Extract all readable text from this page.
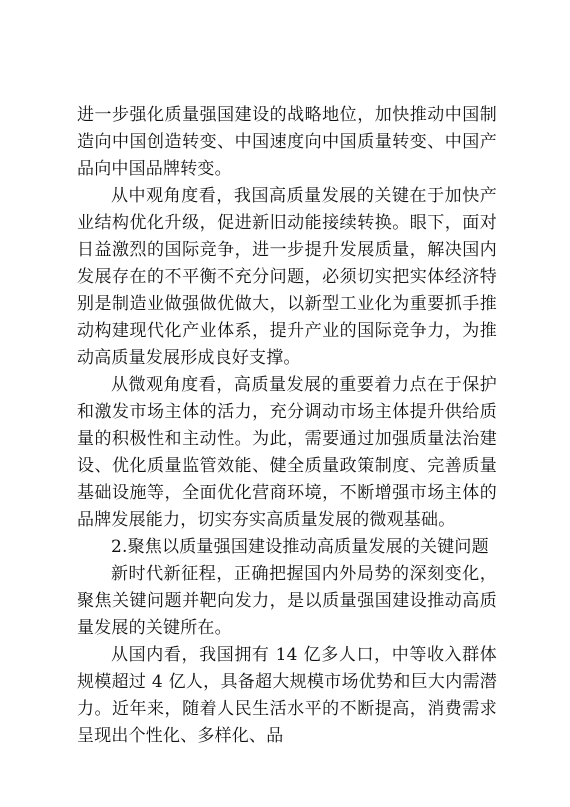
进一步强化质量强国建设的战略地位，加快推动中国制造向中国创造转变、中国速度向中国质量转变、中国产品向中国品牌转变。

从中观角度看，我国高质量发展的关键在于加快产业结构优化升级，促进新旧动能接续转换。眼下，面对日益激烈的国际竞争，进一步提升发展质量，解决国内发展存在的不平衡不充分问题，必须切实把实体经济特别是制造业做强做优做大，以新型工业化为重要抓手推动构建现代化产业体系，提升产业的国际竞争力，为推动高质量发展形成良好支撑。

从微观角度看，高质量发展的重要着力点在于保护和激发市场主体的活力，充分调动市场主体提升供给质量的积极性和主动性。为此，需要通过加强质量法治建设、优化质量监管效能、健全质量政策制度、完善质量基础设施等，全面优化营商环境，不断增强市场主体的品牌发展能力，切实夯实高质量发展的微观基础。

2.聚焦以质量强国建设推动高质量发展的关键问题

新时代新征程，正确把握国内外局势的深刻变化，聚焦关键问题并靶向发力，是以质量强国建设推动高质量发展的关键所在。

从国内看，我国拥有 14 亿多人口，中等收入群体规模超过 4 亿人，具备超大规模市场优势和巨大内需潜力。近年来，随着人民生活水平的不断提高，消费需求呈现出个性化、多样化、品
